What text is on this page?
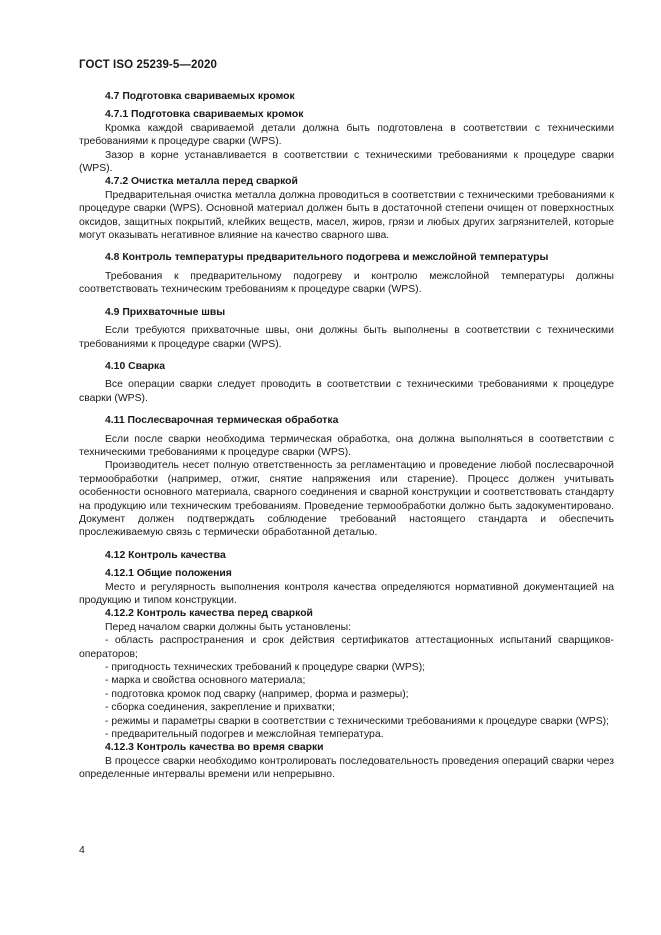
ГОСТ ISO 25239-5—2020
4.7 Подготовка свариваемых кромок
4.7.1 Подготовка свариваемых кромок

Кромка каждой свариваемой детали должна быть подготовлена в соответствии с техническими требованиями к процедуре сварки (WPS).

Зазор в корне устанавливается в соответствии с техническими требованиями к процедуре сварки (WPS).

4.7.2 Очистка металла перед сваркой

Предварительная очистка металла должна проводиться в соответствии с техническими требованиями к процедуре сварки (WPS). Основной материал должен быть в достаточной степени очищен от поверхностных оксидов, защитных покрытий, клейких веществ, масел, жиров, грязи и любых других загрязнителей, которые могут оказывать негативное влияние на качество сварного шва.

4.8 Контроль температуры предварительного подогрева и межслойной температуры

Требования к предварительному подогреву и контролю межслойной температуры должны соответствовать техническим требованиям к процедуре сварки (WPS).

4.9 Прихваточные швы

Если требуются прихваточные швы, они должны быть выполнены в соответствии с техническими требованиями к процедуре сварки (WPS).

4.10 Сварка

Все операции сварки следует проводить в соответствии с техническими требованиями к процедуре сварки (WPS).

4.11 Послесварочная термическая обработка

Если после сварки необходима термическая обработка, она должна выполняться в соответствии с техническими требованиями к процедуре сварки (WPS).

Производитель несет полную ответственность за регламентацию и проведение любой послесварочной термообработки (например, отжиг, снятие напряжения или старение). Процесс должен учитывать особенности основного материала, сварного соединения и сварной конструкции и соответствовать стандарту на продукцию или техническим требованиям. Проведение термообработки должно быть задокументировано. Документ должен подтверждать соблюдение требований настоящего стандарта и обеспечить прослеживаемую связь с термически обработанной деталью.

4.12 Контроль качества
4.12.1 Общие положения

Место и регулярность выполнения контроля качества определяются нормативной документацией на продукцию и типом конструкции.

4.12.2 Контроль качества перед сваркой

Перед началом сварки должны быть установлены:

- область распространения и срок действия сертификатов аттестационных испытаний сварщиков-операторов;

- пригодность технических требований к процедуре сварки (WPS);

- марка и свойства основного материала;

- подготовка кромок под сварку (например, форма и размеры);

- сборка соединения, закрепление и прихватки;

- режимы и параметры сварки в соответствии с техническими требованиями к процедуре сварки (WPS);

- предварительный подогрев и межслойная температура.

4.12.3 Контроль качества во время сварки

В процессе сварки необходимо контролировать последовательность проведения операций сварки через определенные интервалы времени или непрерывно.

4
